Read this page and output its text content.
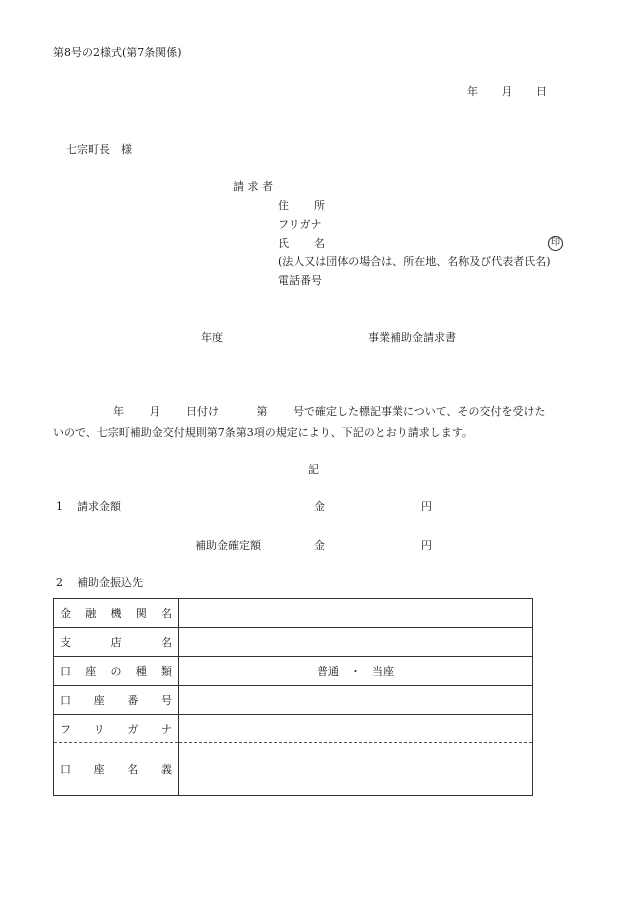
第8号の2様式(第7条関係)
年 月 日
七宗町長　様
請 求 者
住 所
フリガナ
氏 名	印
(法人又は団体の場合は、所在地、名称及び代表者氏名)
電話番号
年度	事業補助金請求書
年 月 日付け	第 号で確定した標記事業について、その交付を受けた
いので、七宗町補助金交付規則第7条第3項の規定により、下記のとおり請求します。
記
1 請求金額	金	円
補助金確定額	金	円
2 補助金振込先
金 融 機 関 名	

支 店 名	

口 座 の 種 類	普通　・　当座

口 座 番 号	

フ リ ガ ナ	

口 座 名 義	
